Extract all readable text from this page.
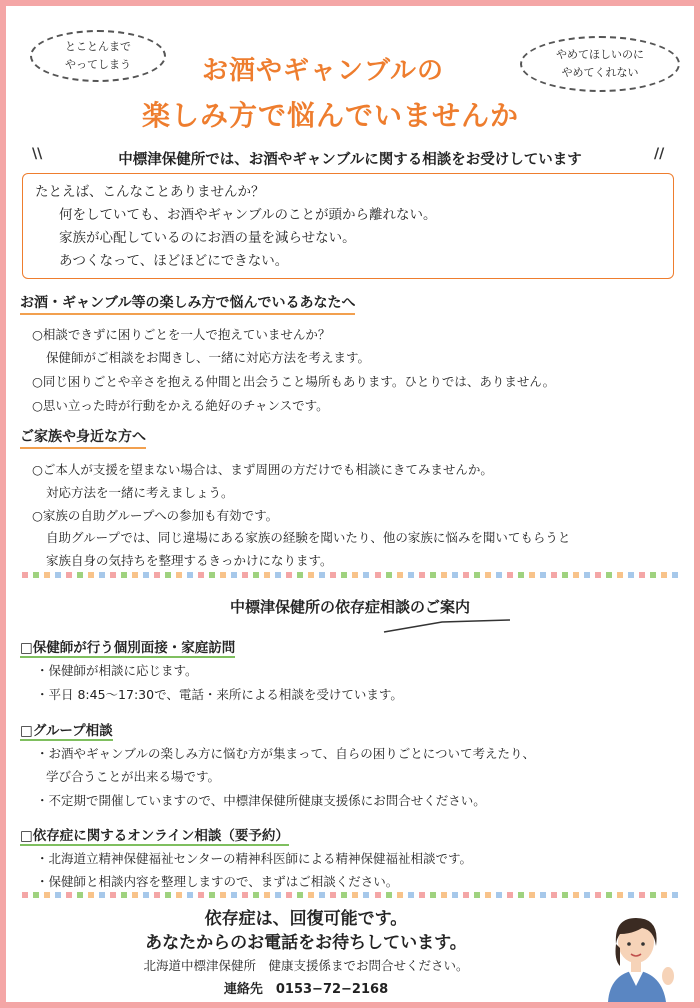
とことんまで
やってしまう
やめてほしいのに
やめてくれない
お酒やギャンブルの
楽しみ方で悩んでいませんか
\\	中標津保健所では、お酒やギャンブルに関する相談をお受けしています	//
たとえば、こんなことありませんか？
何をしていても、お酒やギャンブルのことが頭から離れない。
家族が心配しているのにお酒の量を減らせない。
あつくなって、ほどほどにできない。
お酒・ギャンブル等の楽しみ方で悩んでいるあなたへ
○相談できずに困りごとを一人で抱えていませんか？
保健師がご相談をお聞きし、一緒に対応方法を考えます。
○同じ困りごとや辛さを抱える仲間と出会うこと場所もあります。ひとりでは、ありません。
○思い立った時が行動をかえる絶好のチャンスです。
ご家族や身近な方へ
○ご本人が支援を望まない場合は、まず周囲の方だけでも相談にきてみませんか。
対応方法を一緒に考えましょう。
○家族の自助グループへの参加も有効です。
自助グループでは、同じ違場にある家族の経験を聞いたり、他の家族に悩みを聞いてもらうと
家族自身の気持ちを整理するきっかけになります。
中標津保健所の依存症相談のご案内
□保健師が行う個別面接・家庭訪問
・保健師が相談に応じます。
・平日 8:45～17:30で、電話・来所による相談を受けています。
□グループ相談
・お酒やギャンブルの楽しみ方に悩む方が集まって、自らの困りごとについて考えたり、
学び合うことが出来る場です。
・不定期で開催していますので、中標津保健所健康支援係にお問合せください。
□依存症に関するオンライン相談（要予約）
・北海道立精神保健福祉センターの精神科医師による精神保健福祉相談です。
・保健師と相談内容を整理しますので、まずはご相談ください。
依存症は、回復可能です。
あなたからのお電話をお待ちしています。
北海道中標津保健所　健康支援係までお問合せください。
連絡先　0153−72−2168
